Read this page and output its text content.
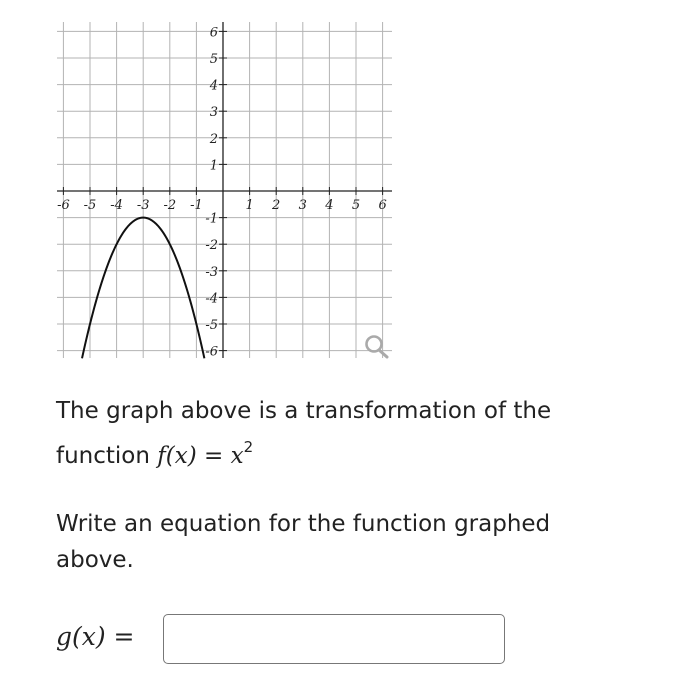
-6 -5 -4 -3 -2 -1	1 2 3 4 5 6
6
5
4
3
2
1
-1
-2
-3
-4
-5
-6
The graph above is a transformation of the
function $f(x) = x^2$
Write an equation for the function graphed above.
g(x) =
